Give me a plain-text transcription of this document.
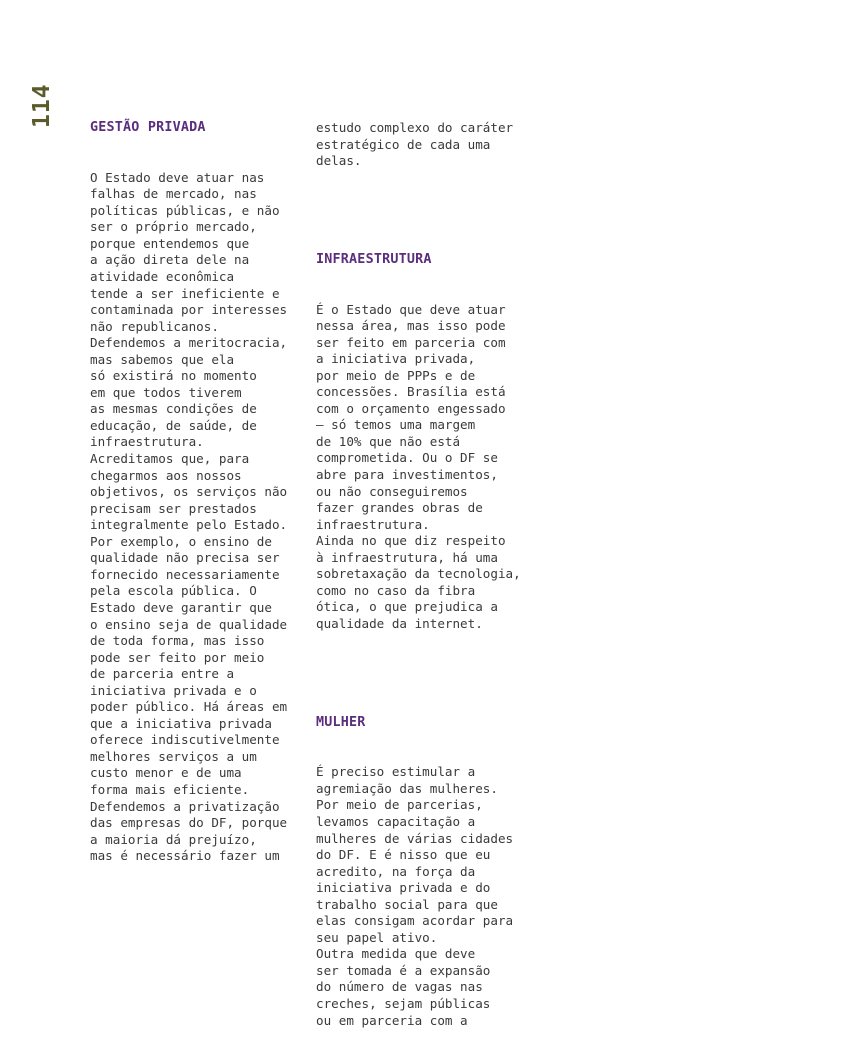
114

	GESTÃO PRIVADA

O Estado deve atuar nas
falhas de mercado, nas
políticas públicas, e não
ser o próprio mercado,
porque entendemos que
a ação direta dele na
atividade econômica
tende a ser ineficiente e
contaminada por interesses
não republicanos.
Defendemos a meritocracia,
mas sabemos que ela
só existirá no momento
em que todos tiverem
as mesmas condições de
educação, de saúde, de
infraestrutura.
Acreditamos que, para
chegarmos aos nossos
objetivos, os serviços não
precisam ser prestados
integralmente pelo Estado.
Por exemplo, o ensino de
qualidade não precisa ser
fornecido necessariamente
pela escola pública. O
Estado deve garantir que
o ensino seja de qualidade
de toda forma, mas isso
pode ser feito por meio
de parceria entre a
iniciativa privada e o
poder público. Há áreas em
que a iniciativa privada
oferece indiscutivelmente
melhores serviços a um
custo menor e de uma
forma mais eficiente.
Defendemos a privatização
das empresas do DF, porque
a maioria dá prejuízo,
mas é necessário fazer um

estudo complexo do caráter
estratégico de cada uma
delas.

INFRAESTRUTURA

É o Estado que deve atuar
nessa área, mas isso pode
ser feito em parceria com
a iniciativa privada,
por meio de PPPs e de
concessões. Brasília está
com o orçamento engessado
— só temos uma margem
de 10% que não está
comprometida. Ou o DF se
abre para investimentos,
ou não conseguiremos
fazer grandes obras de
infraestrutura.
Ainda no que diz respeito
à infraestrutura, há uma
sobretaxação da tecnologia,
como no caso da fibra
ótica, o que prejudica a
qualidade da internet.

MULHER

É preciso estimular a
agremiação das mulheres.
Por meio de parcerias,
levamos capacitação a
mulheres de várias cidades
do DF. E é nisso que eu
acredito, na força da
iniciativa privada e do
trabalho social para que
elas consigam acordar para
seu papel ativo.
Outra medida que deve
ser tomada é a expansão
do número de vagas nas
creches, sejam públicas
ou em parceria com a
